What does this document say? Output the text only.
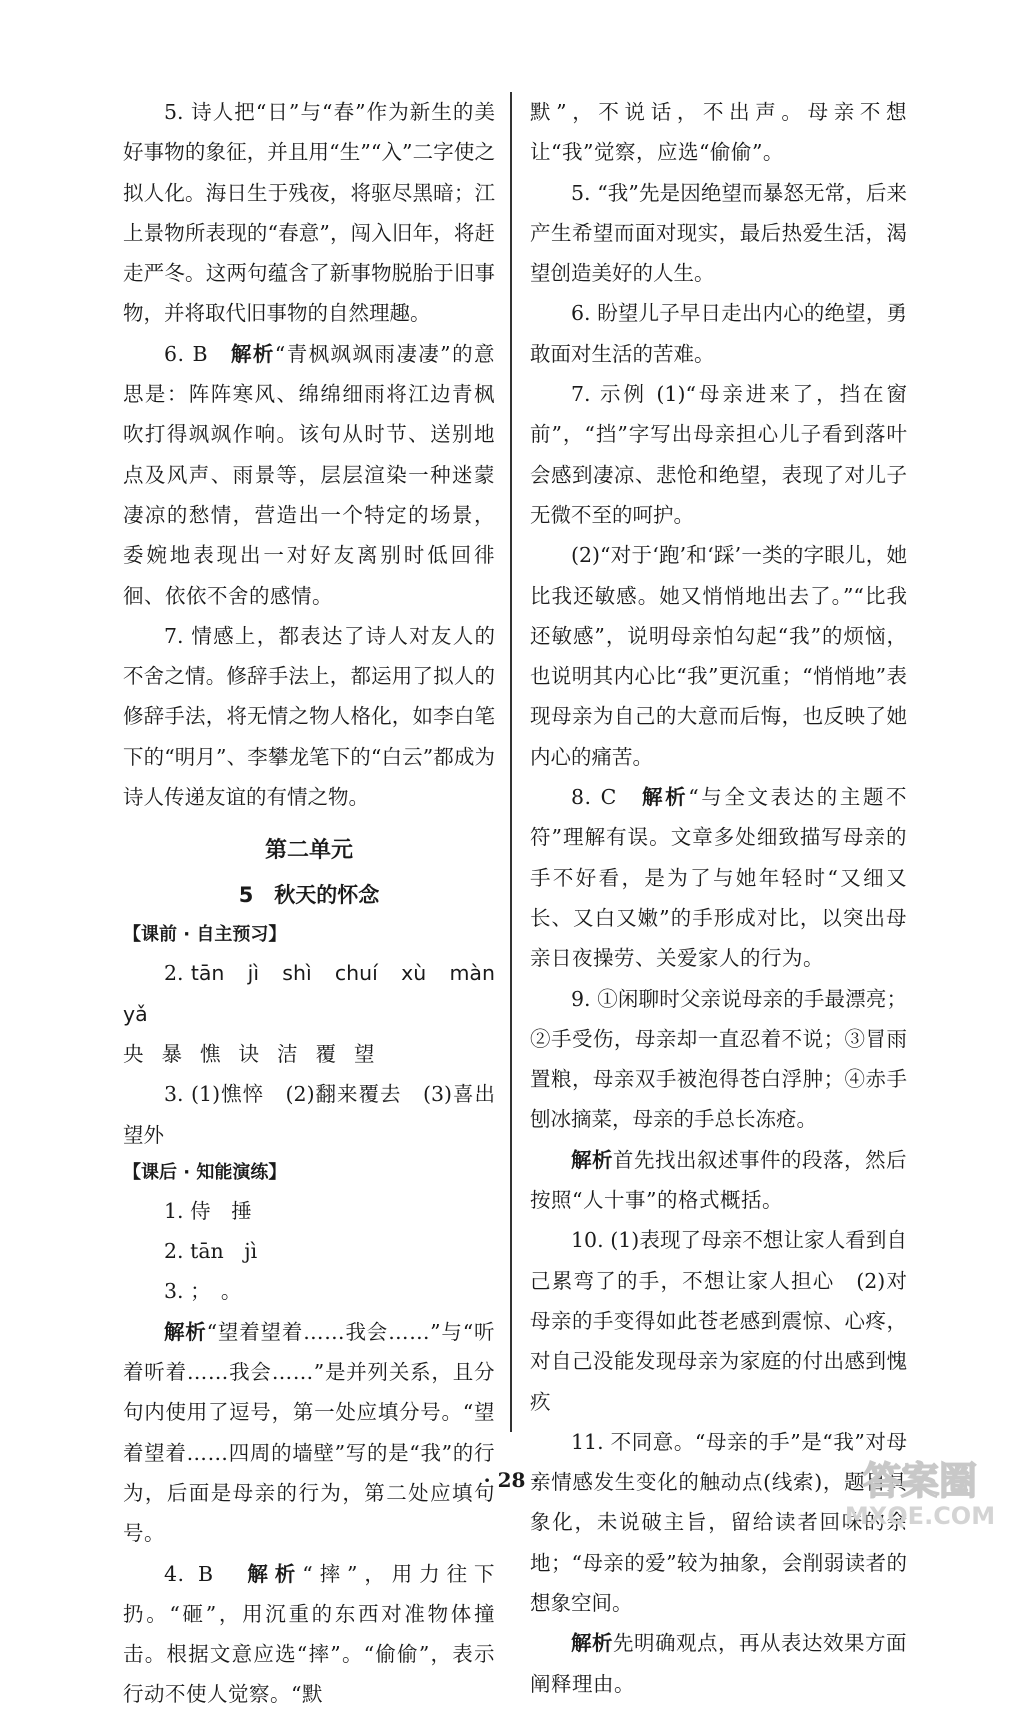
5. 诗人把“日”与“春”作为新生的美好事物的象征，并且用“生”“入”二字使之拟人化。海日生于残夜，将驱尽黑暗；江上景物所表现的“春意”，闯入旧年，将赶走严冬。这两句蕴含了新事物脱胎于旧事物，并将取代旧事物的自然理趣。

6. B　解析“青枫飒飒雨凄凄”的意思是：阵阵寒风、绵绵细雨将江边青枫吹打得飒飒作响。该句从时节、送别地点及风声、雨景等，层层渲染一种迷蒙凄凉的愁情，营造出一个特定的场景，委婉地表现出一对好友离别时低回徘徊、依依不舍的感情。

7. 情感上，都表达了诗人对友人的不舍之情。修辞手法上，都运用了拟人的修辞手法，将无情之物人格化，如李白笔下的“明月”、李攀龙笔下的“白云”都成为诗人传递友谊的有情之物。

第二单元
5　秋天的怀念
【课前 · 自主预习】

2. tān jì shì chuí xù màn yǎ

央暴憔诀洁覆望

3. (1)憔悴　(2)翻来覆去　(3)喜出望外

【课后 · 知能演练】

1. 侍　捶

2. tān　jì

3. ；　。

解析“望着望着……我会……”与“听着听着……我会……”是并列关系，且分句内使用了逗号，第一处应填分号。“望着望着……四周的墙壁”写的是“我”的行为，后面是母亲的行为，第二处应填句号。

4. B　解析“摔”，用力往下扔。“砸”，用沉重的东西对准物体撞击。根据文意应选“摔”。“偷偷”，表示行动不使人觉察。“默

默”，不说话，不出声。母亲不想让“我”觉察，应选“偷偷”。

5. “我”先是因绝望而暴怒无常，后来产生希望而面对现实，最后热爱生活，渴望创造美好的人生。

6. 盼望儿子早日走出内心的绝望，勇敢面对生活的苦难。

7. 示例 (1)“母亲进来了，挡在窗前”，“挡”字写出母亲担心儿子看到落叶会感到凄凉、悲怆和绝望，表现了对儿子无微不至的呵护。

(2)“对于‘跑’和‘踩’一类的字眼儿，她比我还敏感。她又悄悄地出去了。”“比我还敏感”，说明母亲怕勾起“我”的烦恼，也说明其内心比“我”更沉重；“悄悄地”表现母亲为自己的大意而后悔，也反映了她内心的痛苦。

8. C　解析“与全文表达的主题不符”理解有误。文章多处细致描写母亲的手不好看，是为了与她年轻时“又细又长、又白又嫩”的手形成对比，以突出母亲日夜操劳、关爱家人的行为。

9. ①闲聊时父亲说母亲的手最漂亮；②手受伤，母亲却一直忍着不说；③冒雨置粮，母亲双手被泡得苍白浮肿；④赤手刨冰摘菜，母亲的手总长冻疮。

解析首先找出叙述事件的段落，然后按照“人十事”的格式概括。

10. (1)表现了母亲不想让家人看到自己累弯了的手，不想让家人担心　(2)对母亲的手变得如此苍老感到震惊、心疼，对自己没能发现母亲为家庭的付出感到愧疚

11. 不同意。“母亲的手”是“我”对母亲情感发生变化的触动点(线索)，题目具象化，未说破主旨，留给读者回味的余地；“母亲的爱”较为抽象，会削弱读者的想象空间。

解析先明确观点，再从表达效果方面阐释理由。

· 28 ·	答案圈
MXQE.COM
